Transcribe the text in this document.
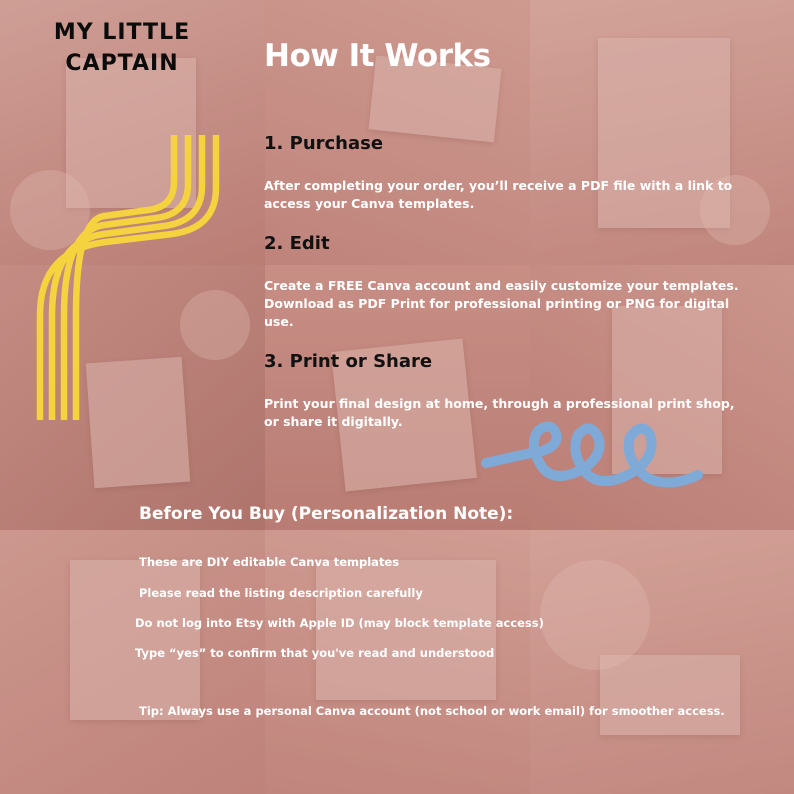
MY LITTLE
CAPTAIN	How It Works
1. Purchase
After completing your order, you’ll receive a PDF file with a link to access your Canva templates.
2. Edit
Create a FREE Canva account and easily customize your templates. Download as PDF Print for professional printing or PNG for digital use.
3. Print or Share
Print your final design at home, through a professional print shop, or share it digitally.
Before You Buy (Personalization Note):
These are DIY editable Canva templates
Please read the listing description carefully
Do not log into Etsy with Apple ID (may block template access)
Type “yes” to confirm that you've read and understood
Tip: Always use a personal Canva account (not school or work email) for smoother access.
